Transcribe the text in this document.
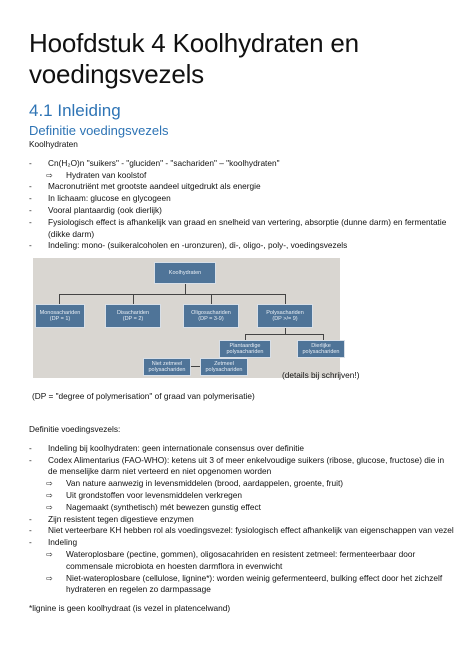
Hoofdstuk 4 Koolhydraten en voedingsvezels
4.1 Inleiding
Definitie voedingsvezels

Koolhydraten

- Cn(H₂O)n "suikers" - "gluciden" - "sachariden" – "koolhydraten"
⇨ Hydraten van koolstof
- Macronutriënt met grootste aandeel uitgedrukt als energie
- In lichaam: glucose en glycogeen
- Vooral plantaardig (ook dierlijk)
- Fysiologisch effect is afhankelijk van graad en snelheid van vertering, absorptie (dunne darm) en fermentatie (dikke darm)
- Indeling: mono- (suikeralcoholen en -uronzuren), di-, oligo-, poly-, voedingsvezels
Koolhydraten
Monosachariden
(DP = 1)
Disachariden
(DP = 2)
Oligosachariden
(DP = 3-9)
Polysachariden
(DP >/= 9)
Plantaardige
polysachariden
Dierlijke
polysachariden
Niet zetmeel
polysachariden
Zetmeel
polysachariden	(details bij schrijven!)
(DP = "degree of polymerisation" of graad van polymerisatie)

Definitie voedingsvezels:

- Indeling bij koolhydraten: geen internationale consensus over definitie
- Codex Alimentarius (FAO-WHO): ketens uit 3 of meer enkelvoudige suikers (ribose, glucose, fructose) die in de menselijke darm niet verteerd en niet opgenomen worden
⇨ Van nature aanwezig in levensmiddelen (brood, aardappelen, groente, fruit)
⇨ Uit grondstoffen voor levensmiddelen verkregen
⇨ Nagemaakt (synthetisch) mét bewezen gunstig effect
- Zijn resistent tegen digestieve enzymen
- Niet verteerbare KH hebben rol als voedingsvezel: fysiologisch effect afhankelijk van eigenschappen van vezel
- Indeling
⇨ Wateroplosbare (pectine, gommen), oligosacahriden en resistent zetmeel: fermenteerbaar door commensale microbiota en hoesten darmflora in evenwicht
⇨ Niet-wateroplosbare (cellulose, lignine*): worden weinig gefermenteerd, bulking effect door het zichzelf hydrateren en regelen zo darmpassage

*lignine is geen koolhydraat (is vezel in platencelwand)
